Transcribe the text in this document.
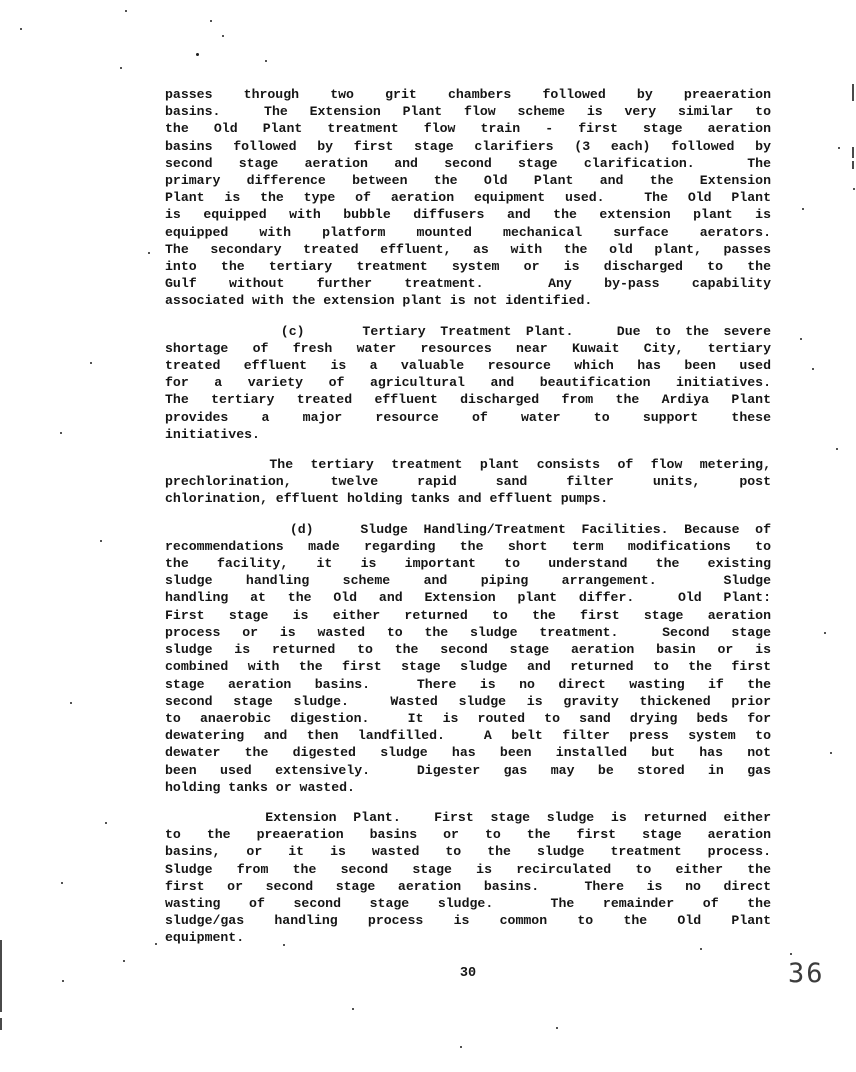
passes through two grit chambers followed by preaeration
basins.  The Extension Plant flow scheme is very similar to
the Old Plant treatment flow train - first stage aeration
basins followed by first stage clarifiers (3 each) followed by
second stage aeration and second stage clarification.  The
primary difference between the Old Plant and the Extension
Plant is the type of aeration equipment used.  The Old Plant
is equipped with bubble diffusers and the extension plant is
equipped with platform mounted mechanical surface aerators.
The secondary treated effluent, as with the old plant, passes
into the tertiary treatment system or is discharged to the
Gulf without further treatment.  Any by-pass capability
associated with the extension plant is not identified.
(c)    Tertiary Treatment Plant.   Due to the severe
shortage of fresh water resources near Kuwait City, tertiary
treated effluent is a valuable resource which has been used
for a variety of agricultural and beautification initiatives.
The tertiary treated effluent discharged from the Ardiya Plant
provides a major resource of water to support these
initiatives.
The tertiary treatment plant consists of flow metering,
prechlorination, twelve rapid sand filter units, post
chlorination, effluent holding tanks and effluent pumps.
(d)   Sludge Handling/Treatment Facilities. Because of
recommendations made regarding the short term modifications to
the facility, it is important to understand the existing
sludge handling scheme and piping arrangement.  Sludge
handling at the Old and Extension plant differ.  Old Plant:
First stage is either returned to the first stage aeration
process or is wasted to the sludge treatment.  Second stage
sludge is returned to the second stage aeration basin or is
combined with the first stage sludge and returned to the first
stage aeration basins.  There is no direct wasting if the
second stage sludge.  Wasted sludge is gravity thickened prior
to anaerobic digestion.  It is routed to sand drying beds for
dewatering and then landfilled.  A belt filter press system to
dewater the digested sludge has been installed but has not
been used extensively.  Digester gas may be stored in gas
holding tanks or wasted.
Extension Plant.  First stage sludge is returned either
to the preaeration basins or to the first stage aeration
basins, or it is wasted to the sludge treatment process.
Sludge from the second stage is recirculated to either the
first or second stage aeration basins.  There is no direct
wasting of second stage sludge.  The remainder of the
sludge/gas handling process is common to the Old Plant
equipment.
30	36
